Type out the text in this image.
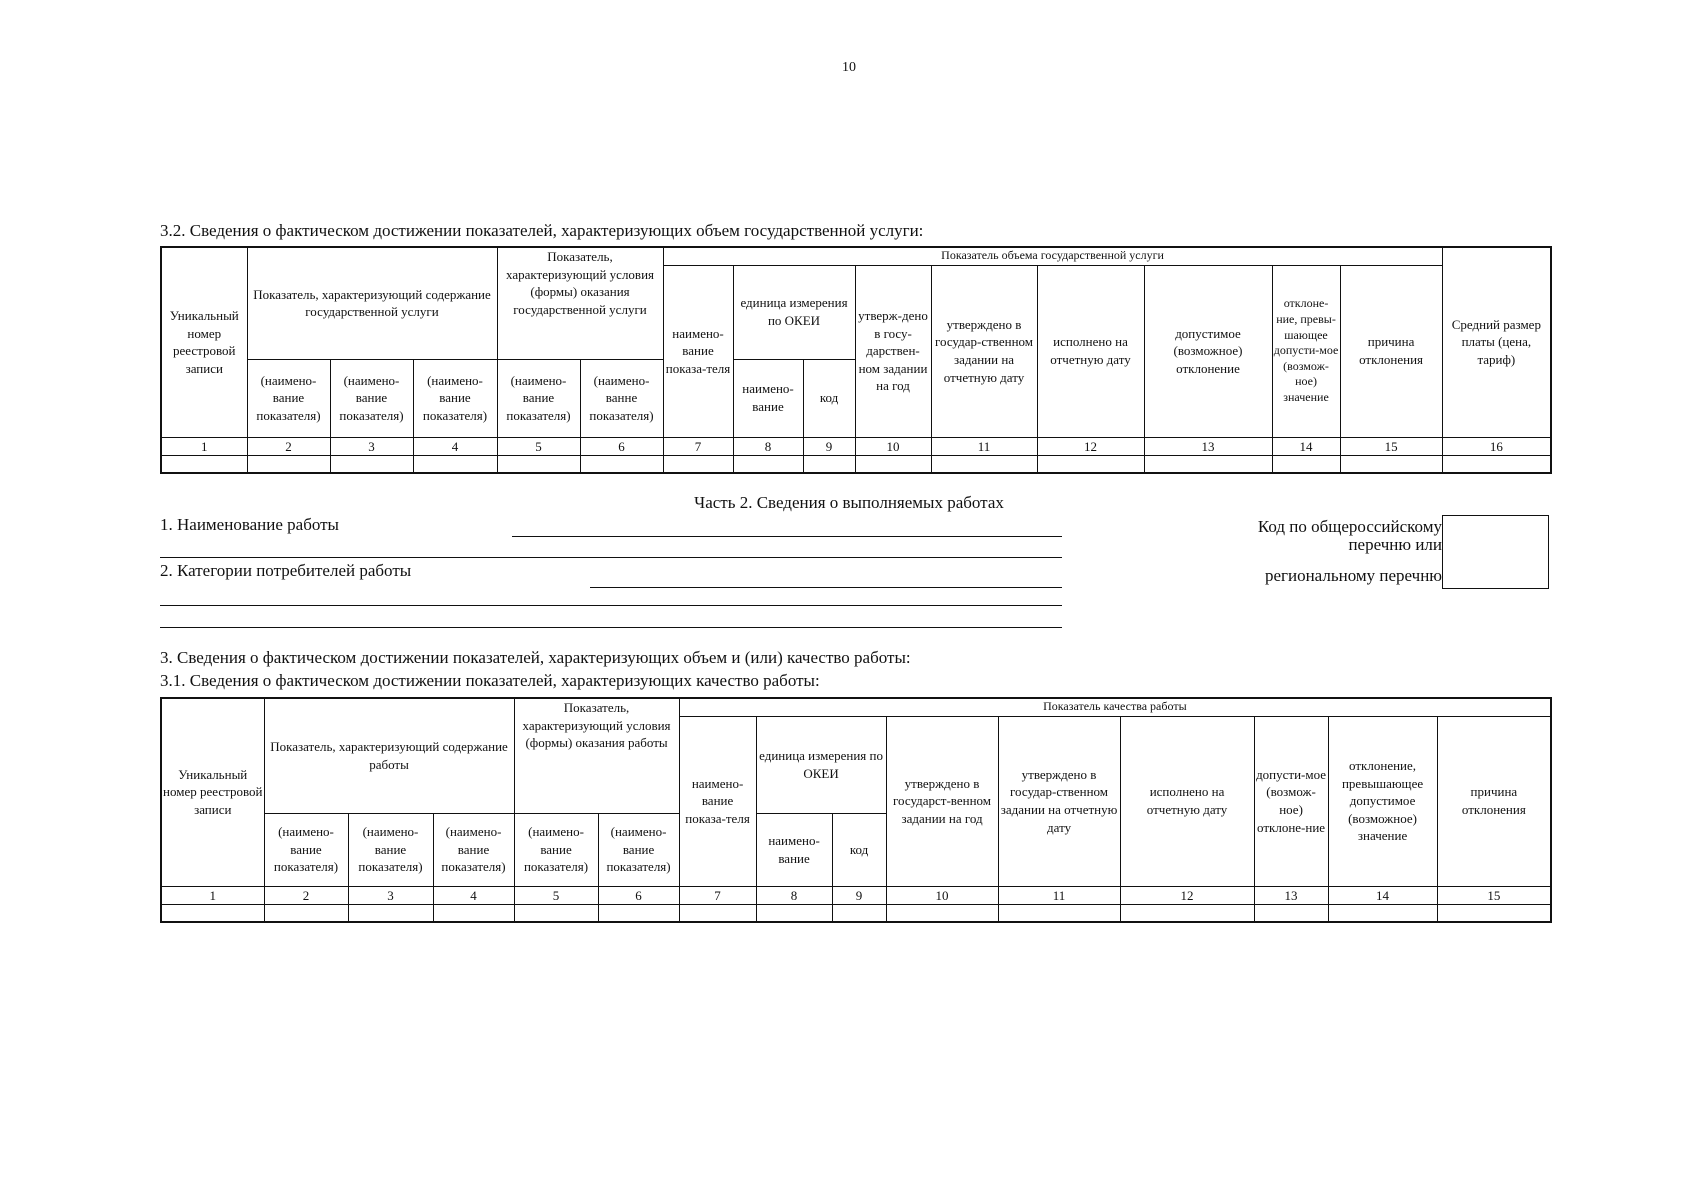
10
3.2. Сведения о фактическом достижении показателей, характеризующих объем государственной услуги:
Уникальный номер реестровой записи	Показатель, характеризующий содержание государственной услуги			Показатель, характеризующий условия (формы) оказания государственной услуги		Показатель объема государственной услуги									Средний размер платы (цена, тариф)
						наимено-вание показа-теля	единица измерения по ОКЕИ		утверж-дено в госу-дарствен-ном задании на год	утверждено в государ-ственном задании на отчетную дату	исполнено на отчетную дату	допустимое (возможное) отклонение	отклоне-ние, превы-шающее допусти-мое (возмож-ное) значение	причина отклонения	
	(наимено-вание показателя)	(наимено-вание показателя)	(наимено-вание показателя)	(наимено-вание показателя)	(наимено-ванне показателя)		наимено-вание	код							
1	2	3	4	5	6	7	8	9	10	11	12	13	14	15	16

Часть 2. Сведения о выполняемых работах
1. Наименование работы
2. Категории потребителей работы
Код по общероссийскому
перечню или
региональному перечню
3. Сведения о фактическом достижении показателей, характеризующих объем и (или) качество работы:
3.1. Сведения о фактическом достижении показателей, характеризующих качество работы:
Уникальный номер реестровой записи	Показатель, характеризующий содержание работы			Показатель, характеризующий условия (формы) оказания работы		Показатель качества работы								
						наимено-вание показа-теля	единица измерения по ОКЕИ		утверждено в государст-венном задании на год	утверждено в государ-ственном задании на отчетную дату	исполнено на отчетную дату	допусти-мое (возмож-ное) отклоне-ние	отклонение, превышающее допустимое (возможное) значение	причина отклонения
	(наимено-вание показателя)	(наимено-вание показателя)	(наимено-вание показателя)	(наимено-вание показателя)	(наимено-вание показателя)		наимено-вание	код						
1	2	3	4	5	6	7	8	9	10	11	12	13	14	15
